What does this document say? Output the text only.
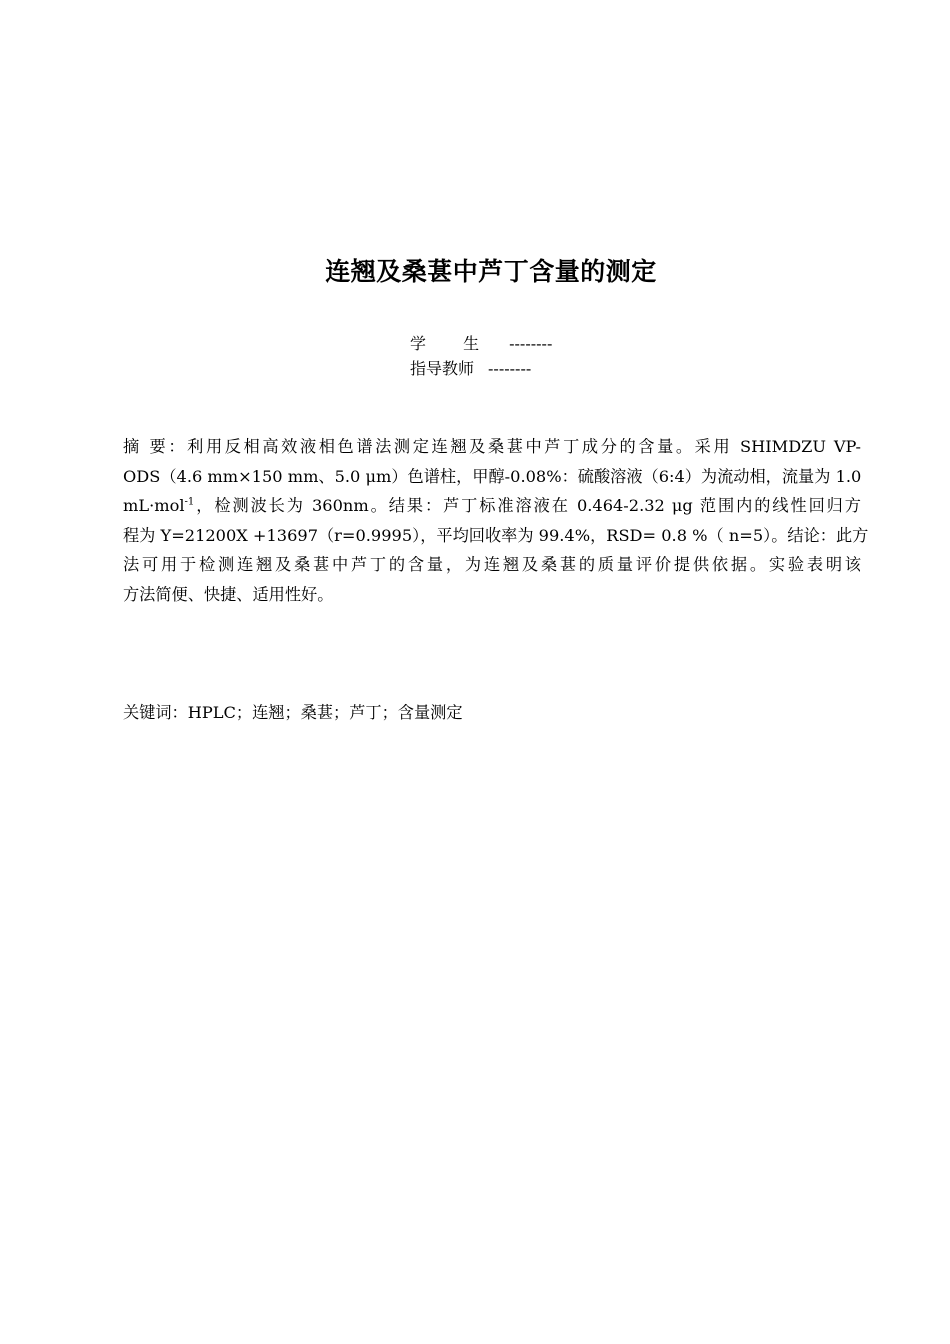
连翘及桑葚中芦丁含量的测定
学 生 --------
指导教师 --------
摘 要：利用反相高效液相色谱法测定连翘及桑葚中芦丁成分的含量。采用 SHIMDZU VP-
ODS（4.6 mm×150 mm、5.0 μm）色谱柱，甲醇-0.08%：硫酸溶液（6:4）为流动相，流量为 1.0
mL·mol$^{-1}$，检测波长为 360nm。结果：芦丁标准溶液在 0.464-2.32 μg 范围内的线性回归方
程为 Y=21200X +13697（r=0.9995），平均回收率为 99.4%，RSD= 0.8 %（ n=5）。结论：此方
法可用于检测连翘及桑葚中芦丁的含量，为连翘及桑葚的质量评价提供依据。实验表明该
方法简便、快捷、适用性好。
关键词：HPLC；连翘；桑葚；芦丁；含量测定
